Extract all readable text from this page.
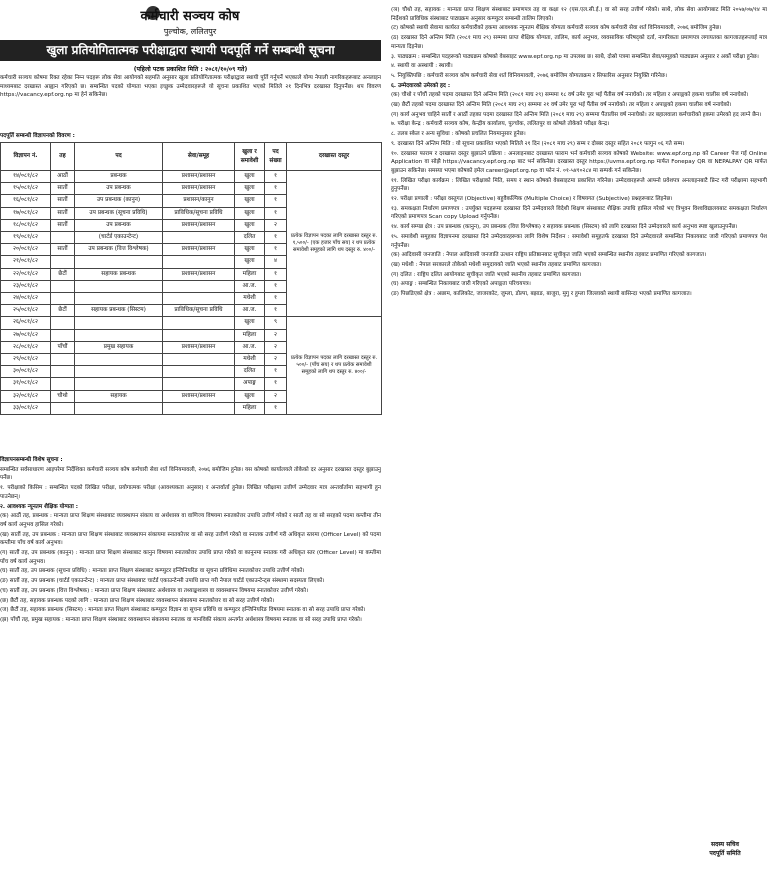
कर्मचारी सञ्चय कोष
पुल्चोक, ललितपुर
खुला प्रतियोगितात्मक परीक्षाद्वारा स्थायी पदपूर्ति गर्ने सम्बन्धी सूचना
(पहिलो पटक प्रकाशित मिति : २०८१/१०/०९ गते)

कर्मचारी सञ्चय कोषमा रिक्त रहेका निम्न पदहरू लोक सेवा आयोगको सहमति अनुसार खुला प्रतियोगितात्मक परीक्षाद्वारा स्थायी पूर्ति गर्नुपर्ने भएकाले योग्य नेपाली नागरिकहरूबाट अनलाइन माध्यमबाट दरखास्त आह्वान गरिएको छ। सम्बन्धित पदको योग्यता भएका इच्छुक उम्मेदवारहरूले यो सूचना प्रकाशित भएको मितिले २१ दिनभित्र दरखास्त दिनुपर्नेछ। थप विवरण https://vacancy.epf.org.np मा हेर्न सकिनेछ।

पदपूर्ति सम्बन्धी विज्ञापनको विवरण :
विज्ञापन नं.	तह	पद	सेवा/समूह	खुला र समावेशी	पद संख्या	दरखास्त दस्तुर
१४/०८१/८२	आठौं	प्रबन्धक	प्रशासन/प्रशासन	खुला	१	प्रत्येक विज्ञापन पदका लागि दरखास्त दस्तुर रु. १,५००/- (एक हजार पाँच सय) र थप प्रत्येक समावेशी समूहको लागि थप दस्तुर रु. ४००/-
१५/०८१/८२	सातौं	उप प्रबन्धक	प्रशासन/प्रशासन	खुला	१	
१६/०८१/८२	सातौं	उप प्रबन्धक (कानुन)	प्रशासन/कानुन	खुला	१	
१७/०८१/८२	सातौं	उप प्रबन्धक (सूचना प्रविधि)	प्राविधिक/सूचना प्रविधि	खुला	१	
१८/०८१/८२	सातौं	उप प्रबन्धक	प्रशासन/प्रशासन	खुला	२	
१९/०८१/८२		(चार्टर्ड एकाउन्टेन्ट)		दलित	१	
२०/०८१/८२	सातौं	उप प्रबन्धक (वित्त विश्लेषक)	प्रशासन/प्रशासन	खुला	१	
२१/०८१/८२				खुला	४	
२२/०८१/८२	छैटौं	सहायक प्रबन्धक	प्रशासन/प्रशासन	महिला	१	
२३/०८१/८२				आ.ज.	१	
२४/०८१/८२				मधेशी	१	
२५/०८१/८२	छैटौं	सहायक प्रबन्धक (सिस्टम)	प्राविधिक/सूचना प्रविधि	आ.ज.	१	
२६/०८१/८२				खुला	९	प्रत्येक विज्ञापन पदका लागि दरखास्त दस्तुर रु. ५००/- (पाँच सय) र थप प्रत्येक समावेशी समूहको लागि थप दस्तुर रु. ४००/-
२७/०८१/८२				महिला	२	
२८/०८१/८२	पाँचौं	प्रमुख सहायक	प्रशासन/प्रशासन	आ.ज.	२	
२९/०८१/८२				मधेशी	२	
३०/०८१/८२				दलित	१	
३१/०८१/८२				अपाङ्ग	१	
३२/०८१/८२	चौथो	सहायक	प्रशासन/प्रशासन	खुला	२	
३३/०८१/८२				महिला	१	

विज्ञापनसम्बन्धी विशेष सूचना :

सम्बन्धित सर्वसाधारण आइपरेमा निर्देशिका कर्मचारी सञ्चय कोष कर्मचारी सेवा शर्त विनियमावली, २०७६ बमोजिम हुनेछ। यस कोषको कार्यालयले तोकेको दर अनुसार दरखास्त दस्तुर बुझाउनु पर्नेछ।

१. परीक्षाको किसिम : सम्बन्धित पदको लिखित परीक्षा, प्रयोगात्मक परीक्षा (आवश्यकता अनुसार) र अन्तर्वार्ता हुनेछ। लिखित परीक्षामा उत्तीर्ण उम्मेदवार मात्र अन्तर्वार्तामा सहभागी हुन पाउनेछन्।

२. आवश्यक न्यूनतम शैक्षिक योग्यता :

(क) आठौं तह, प्रबन्धक : मान्यता प्राप्त शिक्षण संस्थाबाट व्यवस्थापन संकाय वा अर्थशास्त्र वा वाणिज्य विषयमा स्नातकोत्तर उपाधि उत्तीर्ण गरेको र सातौं तह वा सो सरहको पदमा कम्तीमा तीन वर्ष कार्य अनुभव हासिल गरेको।

(ख) सातौं तह, उप प्रबन्धक : मान्यता प्राप्त शिक्षण संस्थाबाट व्यवस्थापन संकायमा स्नातकोत्तर वा सो सरह उत्तीर्ण गरेको वा स्नातक उत्तीर्ण गरी अधिकृत स्तरमा (Officer Level) को पदमा कम्तीमा पाँच वर्ष कार्य अनुभव।

(ग) सातौं तह, उप प्रबन्धक (कानुन) : मान्यता प्राप्त शिक्षण संस्थाबाट कानुन विषयमा स्नातकोत्तर उपाधि प्राप्त गरेको वा कानुनमा स्नातक गरी अधिकृत स्तर (Officer Level) मा कम्तीमा पाँच वर्ष कार्य अनुभव।

(घ) सातौं तह, उप प्रबन्धक (सूचना प्रविधि) : मान्यता प्राप्त शिक्षण संस्थाबाट कम्प्युटर इन्जिनियरिङ वा सूचना प्रविधिमा स्नातकोत्तर उपाधि उत्तीर्ण गरेको।

(ङ) सातौं तह, उप प्रबन्धक (चार्टर्ड एकाउन्टेन्ट) : मान्यता प्राप्त संस्थाबाट चार्टर्ड एकाउन्टेन्सी उपाधि प्राप्त गरी नेपाल चार्टर्ड एकाउन्टेन्ट्स संस्थामा सदस्यता लिएको।

(च) सातौं तह, उप प्रबन्धक (वित्त विश्लेषक) : मान्यता प्राप्त शिक्षण संस्थाबाट अर्थशास्त्र वा तथ्याङ्कशास्त्र वा व्यवस्थापन विषयमा स्नातकोत्तर उत्तीर्ण गरेको।

(छ) छैटौं तह, सहायक प्रबन्धक पदको लागि : मान्यता प्राप्त शिक्षण संस्थाबाट व्यवस्थापन संकायमा स्नातकोत्तर वा सो सरह उत्तीर्ण गरेको।

(ज) छैटौं तह, सहायक प्रबन्धक (सिस्टम) : मान्यता प्राप्त शिक्षण संस्थाबाट कम्प्युटर विज्ञान वा सूचना प्रविधि वा कम्प्युटर इन्जिनियरिङ विषयमा स्नातक वा सो सरह उपाधि प्राप्त गरेको।

(झ) पाँचौं तह, प्रमुख सहायक : मान्यता प्राप्त शिक्षण संस्थाबाट व्यवस्थापन संकायमा स्नातक वा मानविकी संकाय अन्तर्गत अर्थशास्त्र विषयमा स्नातक वा सो सरह उपाधि प्राप्त गरेको।

(ञ) चौथो तह, सहायक : मान्यता प्राप्त शिक्षण संस्थाबाट प्रमाणपत्र तह वा कक्षा १२ (एस.एल.सी.ई.) वा सो सरह उत्तीर्ण गरेको। साथै, लोक सेवा आयोगबाट मिति २०५७/०७/१४ मा निर्देशको प्राविधिक संस्थाबाट पाठ्यक्रम अनुसार कम्प्युटर सम्बन्धी तालिम लिएको।

(ट) कोषको स्थायी सेवामा कार्यरत कर्मचारीको हकमा आवश्यक न्यूनतम शैक्षिक योग्यता कर्मचारी सञ्चय कोष कर्मचारी सेवा शर्त विनियमावली, २०७६ बमोजिम हुनेछ।

(ठ) दरखास्त दिने अन्तिम मिति (२०८१ माघ २९) सम्ममा प्राप्त शैक्षिक योग्यता, तालिम, कार्य अनुभव, व्यवसायिक परिषद्को दर्ता, नागरिकता प्रमाणपत्र लगायतका कागजातहरूलाई मात्र मान्यता दिइनेछ।

३. पाठ्यक्रम : सम्बन्धित पदहरूको पाठ्यक्रम कोषको वेबसाइट www.epf.org.np मा उपलब्ध छ। साथै, दोस्रो पत्रमा सम्बन्धित सेवा/समूहको पाठ्यक्रम अनुसार र अर्को परीक्षा हुनेछ।

४. स्थायी वा अस्थायी : स्थायी।

५. नियुक्तिपछि : कर्मचारी सञ्चय कोष कर्मचारी सेवा शर्त विनियमावली, २०७६ बमोजिम योग्यताक्रम र सिफारिस अनुसार नियुक्ति गरिनेछ।

६. उम्मेदवारको उमेरको हद :

(क) चौथो र पाँचौं तहको पदमा दरखास्त दिने अन्तिम मिति (२०८१ माघ २९) सम्ममा १८ वर्ष उमेर पूरा भई पैंतीस वर्ष ननाघेको। तर महिला र अपाङ्गको हकमा चालीस वर्ष ननाघेको।

(ख) छैटौं तहको पदमा दरखास्त दिने अन्तिम मिति (२०८१ माघ २९) सम्ममा २१ वर्ष उमेर पूरा भई पैंतीस वर्ष ननाघेको। तर महिला र अपाङ्गको हकमा चालीस वर्ष ननाघेको।

(ग) कार्य अनुभव चाहिने सातौं र आठौं तहका पदमा दरखास्त दिने अन्तिम मिति (२०८१ माघ २९) सम्ममा पैंतालीस वर्ष ननाघेको। तर बहालवाला कर्मचारीको हकमा उमेरको हद लाग्ने छैन।

७. परीक्षा केन्द्र : कर्मचारी सञ्चय कोष, केन्द्रीय कार्यालय, पुल्चोक, ललितपुर वा कोषले तोकेको परीक्षा केन्द्र।

८. तलब स्केल र अन्य सुविधा : कोषको प्रचलित नियमानुसार हुनेछ।

९. दरखास्त दिने अन्तिम मिति : यो सूचना प्रकाशित भएको मितिले २१ दिन (२०८१ माघ २९) सम्म र दोब्बर दस्तुर सहित २०८१ फागुन ०६ गते सम्म।

१०. दरखास्त फाराम र दरखास्त दस्तुर बुझाउने प्रक्रिया : अनलाइनबाट दरखास्त फाराम भर्न कर्मचारी सञ्चय कोषको Website: www.epf.org.np को Career पेज गई Online Application वा सोझै https://vacancy.epf.org.np बाट भर्न सकिनेछ। दरखास्त दस्तुर https://uvms.epf.org.np मार्फत Fonepay QR वा NEPALPAY QR मार्फत बुझाउन सकिनेछ। समस्या भएमा कोषको इमेल career@epf.org.np वा फोन नं. ०१-५४१०२८४ मा सम्पर्क गर्न सकिनेछ।

११. लिखित परीक्षा कार्यक्रम : लिखित परीक्षाको मिति, समय र स्थान कोषको वेबसाइटमा प्रकाशित गरिनेछ। उम्मेदवारहरूले आफ्नो प्रवेशपत्र अनलाइनबाटै प्रिन्ट गरी परीक्षामा सहभागी हुनुपर्नेछ।

१२. परीक्षा प्रणाली : परीक्षा वस्तुगत (Objective) बहुवैकल्पिक (Multiple Choice) र विषयगत (Subjective) प्रश्नहरूबाट लिइनेछ।

१३. समकक्षता निर्धारण प्रमाणपत्र : उपर्युक्त पदहरूमा दरखास्त दिने उम्मेदवारले विदेशी शिक्षण संस्थाबाट शैक्षिक उपाधि हासिल गरेको भए त्रिभुवन विश्वविद्यालयबाट समकक्षता निर्धारण गरिएको प्रमाणपत्र Scan copy Upload गर्नुपर्नेछ।

१४. कार्य सम्पन्न क्षेत्र : उप प्रबन्धक (कानुन), उप प्रबन्धक (वित्त विश्लेषक) र सहायक प्रबन्धक (सिस्टम) को लागि दरखास्त दिने उम्मेदवारले कार्य अनुभव स्पष्ट खुलाउनुपर्नेछ।

१५. समावेशी समूहका विज्ञापनमा दरखास्त दिने उम्मेदवारहरूका लागि विशेष निर्देशन : समावेशी समूहतर्फ दरखास्त दिने उम्मेदवारले सम्बन्धित निकायबाट जारी गरिएको प्रमाणपत्र पेश गर्नुपर्नेछ।

(क) आदिवासी जनजाति : नेपाल आदिवासी जनजाति उत्थान राष्ट्रिय प्रतिष्ठानबाट सूचीकृत जाति भएको सम्बन्धित स्थानीय तहबाट प्रमाणित गरिएको कागजात।

(ख) मधेशी : नेपाल सरकारले तोकेको मधेशी समुदायको जाति भएको स्थानीय तहबाट प्रमाणित कागजात।

(ग) दलित : राष्ट्रिय दलित आयोगबाट सूचीकृत जाति भएको स्थानीय तहबाट प्रमाणित कागजात।

(घ) अपाङ्ग : सम्बन्धित निकायबाट जारी गरिएको अपाङ्गता परिचयपत्र।

(ङ) पिछडिएको क्षेत्र : अछाम, कालिकोट, जाजरकोट, जुम्ला, डोल्पा, बझाङ, बाजुरा, मुगु र हुम्ला जिल्लाको स्थायी बासिन्दा भएको प्रमाणित कागजात।

सदस्य सचिव
पदपूर्ति समिति
